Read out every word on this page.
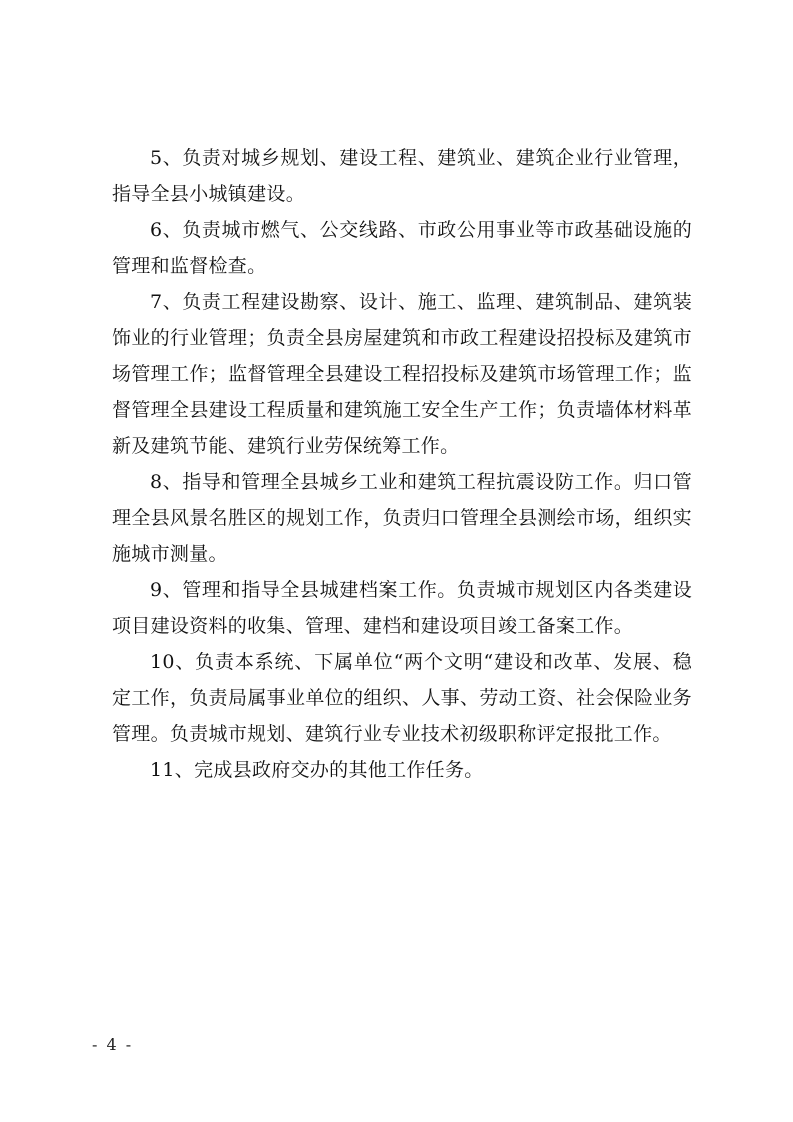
5、负责对城乡规划、建设工程、建筑业、建筑企业行业管理，指导全县小城镇建设。

6、负责城市燃气、公交线路、市政公用事业等市政基础设施的管理和监督检查。

7、负责工程建设勘察、设计、施工、监理、建筑制品、建筑装饰业的行业管理；负责全县房屋建筑和市政工程建设招投标及建筑市场管理工作；监督管理全县建设工程招投标及建筑市场管理工作；监督管理全县建设工程质量和建筑施工安全生产工作；负责墙体材料革新及建筑节能、建筑行业劳保统筹工作。

8、指导和管理全县城乡工业和建筑工程抗震设防工作。归口管理全县风景名胜区的规划工作，负责归口管理全县测绘市场，组织实施城市测量。

9、管理和指导全县城建档案工作。负责城市规划区内各类建设项目建设资料的收集、管理、建档和建设项目竣工备案工作。

10、负责本系统、下属单位“两个文明“建设和改革、发展、稳定工作，负责局属事业单位的组织、人事、劳动工资、社会保险业务管理。负责城市规划、建筑行业专业技术初级职称评定报批工作。

11、完成县政府交办的其他工作任务。

- 4 -
